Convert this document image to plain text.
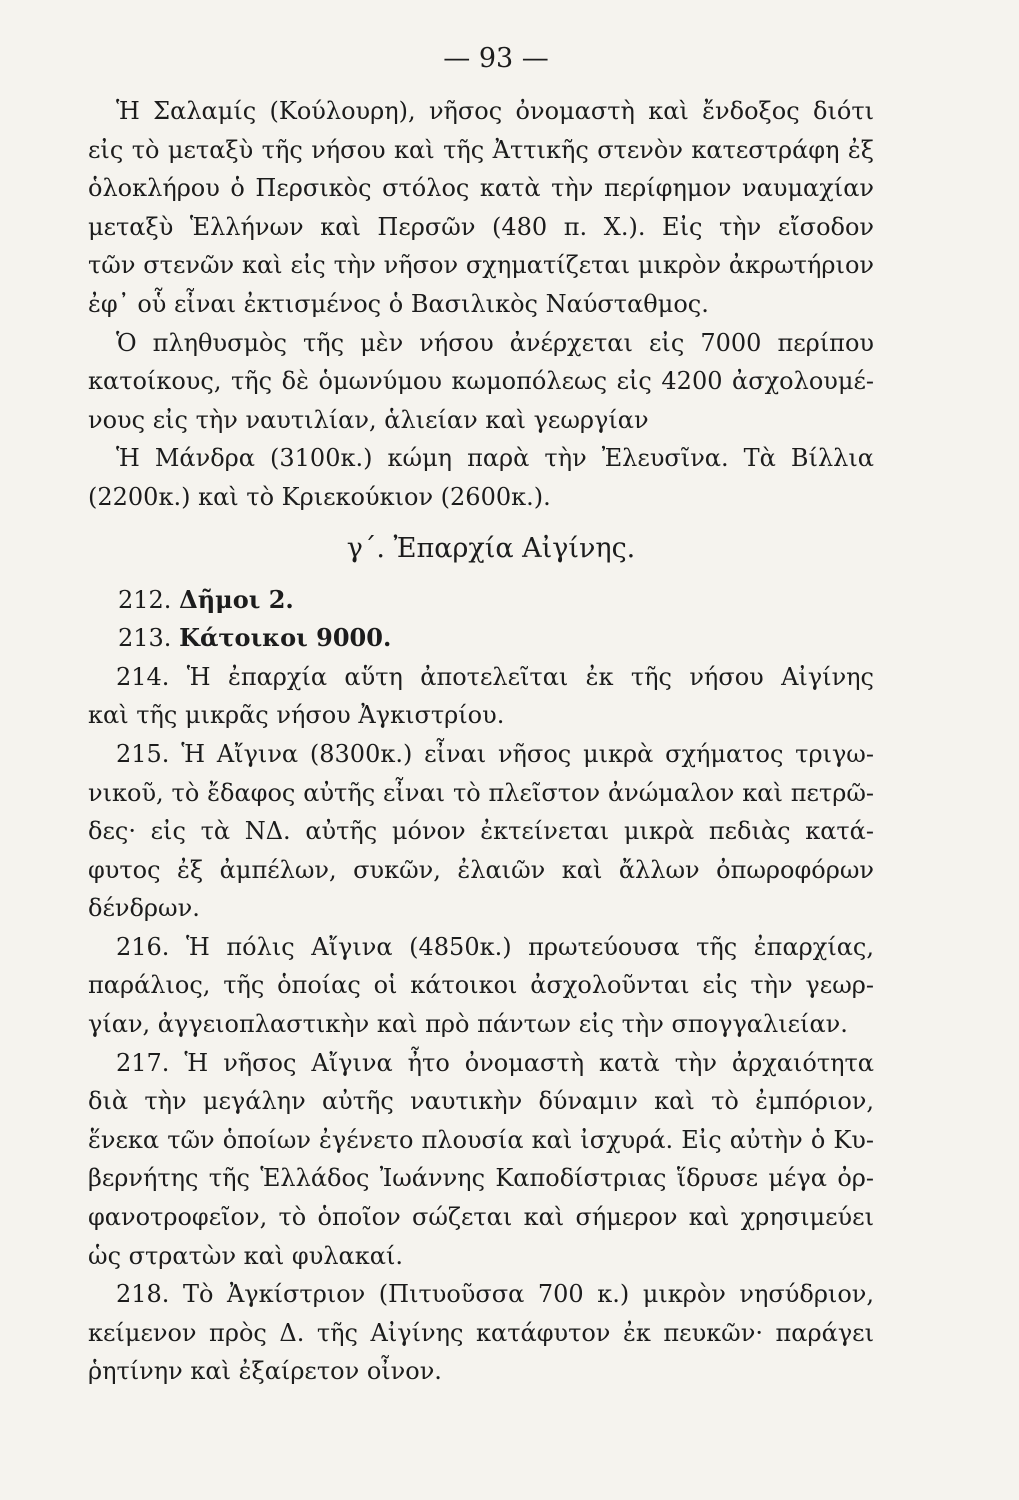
— 93 —
Ἡ Σαλαμίς (Κούλουρη), νῆσος ὀνομαστὴ καὶ ἔνδοξος διότι
εἰς τὸ μεταξὺ τῆς νήσου καὶ τῆς Ἀττικῆς στενὸν κατεστράφη ἐξ
ὁλοκλήρου ὁ Περσικὸς στόλος κατὰ τὴν περίφημον ναυμαχίαν
μεταξὺ Ἑλλήνων καὶ Περσῶν (480 π. Χ.). Εἰς τὴν εἴσοδον
τῶν στενῶν καὶ εἰς τὴν νῆσον σχηματίζεται μικρὸν ἀκρωτήριον
ἐφ᾿ οὗ εἶναι ἐκτισμένος ὁ Βασιλικὸς Ναύσταθμος.
Ὁ πληθυσμὸς τῆς μὲν νήσου ἀνέρχεται εἰς 7000 περίπου
κατοίκους, τῆς δὲ ὁμωνύμου κωμοπόλεως εἰς 4200 ἀσχολουμέ-
νους εἰς τὴν ναυτιλίαν, ἁλιείαν καὶ γεωργίαν
Ἡ Μάνδρα (3100κ.) κώμη παρὰ τὴν Ἐλευσῖνα. Τὰ Βίλλια
(2200κ.) καὶ τὸ Κριεκούκιον (2600κ.).
γ΄. Ἐπαρχία Αἰγίνης.
212. Δῆμοι 2.
213. Κάτοικοι 9000.
214. Ἡ ἐπαρχία αὕτη ἀποτελεῖται ἐκ τῆς νήσου Αἰγίνης
καὶ τῆς μικρᾶς νήσου Ἀγκιστρίου.
215. Ἡ Αἴγινα (8300κ.) εἶναι νῆσος μικρὰ σχήματος τριγω-
νικοῦ, τὸ ἔδαφος αὐτῆς εἶναι τὸ πλεῖστον ἀνώμαλον καὶ πετρῶ-
δες· εἰς τὰ ΝΔ. αὐτῆς μόνον ἐκτείνεται μικρὰ πεδιὰς κατά-
φυτος ἐξ ἀμπέλων, συκῶν, ἐλαιῶν καὶ ἄλλων ὀπωροφόρων
δένδρων.
216. Ἡ πόλις Αἴγινα (4850κ.) πρωτεύουσα τῆς ἐπαρχίας,
παράλιος, τῆς ὁποίας οἱ κάτοικοι ἀσχολοῦνται εἰς τὴν γεωρ-
γίαν, ἀγγειοπλαστικὴν καὶ πρὸ πάντων εἰς τὴν σπογγαλιείαν.
217. Ἡ νῆσος Αἴγινα ἦτο ὀνομαστὴ κατὰ τὴν ἀρχαιότητα
διὰ τὴν μεγάλην αὐτῆς ναυτικὴν δύναμιν καὶ τὸ ἐμπόριον,
ἕνεκα τῶν ὁποίων ἐγένετο πλουσία καὶ ἰσχυρά. Εἰς αὐτὴν ὁ Κυ-
βερνήτης τῆς Ἑλλάδος Ἰωάννης Καποδίστριας ἵδρυσε μέγα ὀρ-
φανοτροφεῖον, τὸ ὁποῖον σώζεται καὶ σήμερον καὶ χρησιμεύει
ὡς στρατὼν καὶ φυλακαί.
218. Τὸ Ἀγκίστριον (Πιτυοῦσσα 700 κ.) μικρὸν νησύδριον,
κείμενον πρὸς Δ. τῆς Αἰγίνης κατάφυτον ἐκ πευκῶν· παράγει
ῥητίνην καὶ ἐξαίρετον οἶνον.
